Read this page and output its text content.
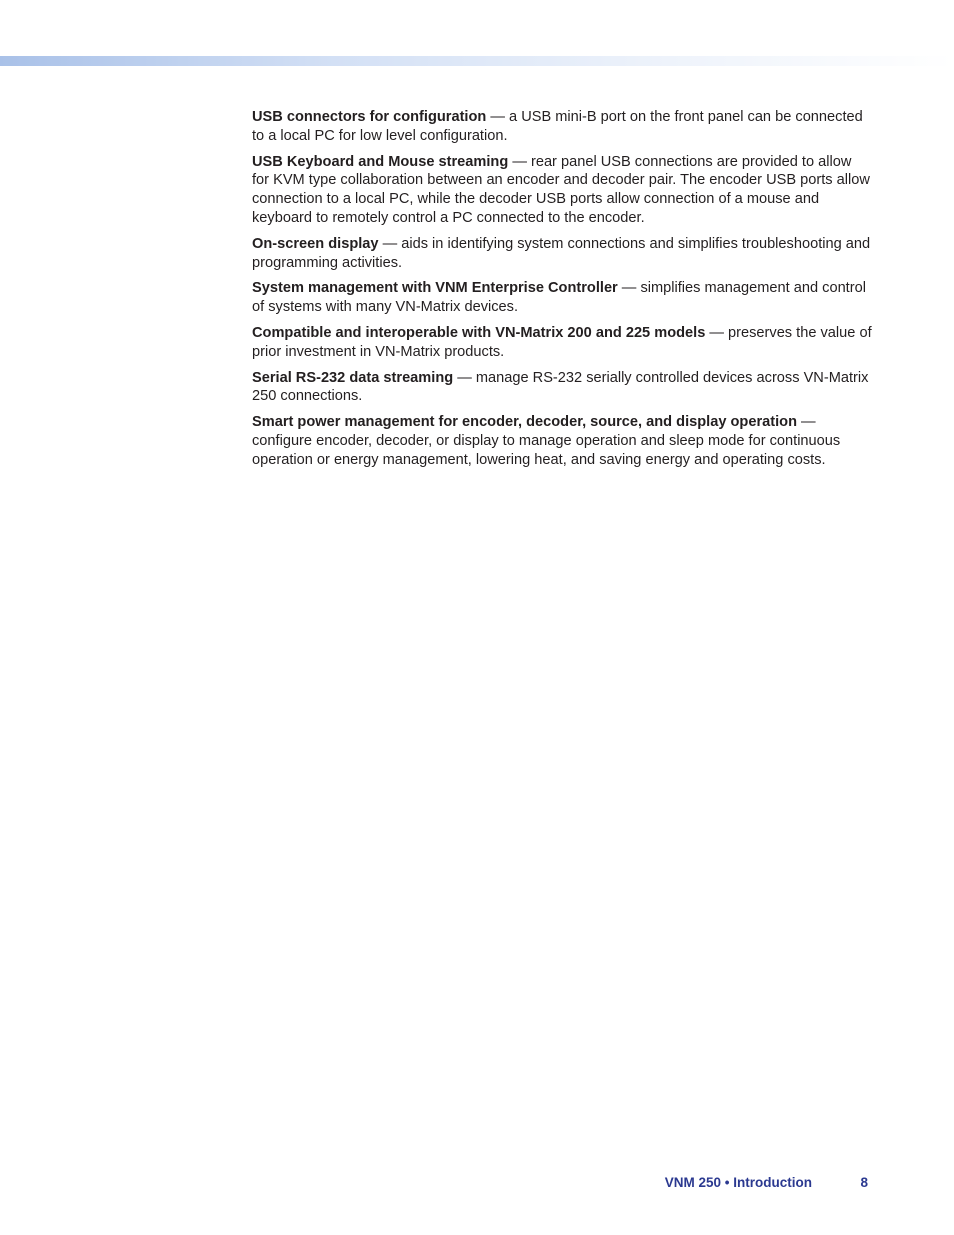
USB connectors for configuration — a USB mini-B port on the front panel can be connected to a local PC for low level configuration.

USB Keyboard and Mouse streaming — rear panel USB connections are provided to allow for KVM type collaboration between an encoder and decoder pair. The encoder USB ports allow connection to a local PC, while the decoder USB ports allow connection of a mouse and keyboard to remotely control a PC connected to the encoder.

On-screen display — aids in identifying system connections and simplifies troubleshooting and programming activities.

System management with VNM Enterprise Controller — simplifies management and control of systems with many VN-Matrix devices.

Compatible and interoperable with VN-Matrix 200 and 225 models — preserves the value of prior investment in VN-Matrix products.

Serial RS-232 data streaming — manage RS-232 serially controlled devices across VN-Matrix 250 connections.

Smart power management for encoder, decoder, source, and display operation — configure encoder, decoder, or display to manage operation and sleep mode for continuous operation or energy management, lowering heat, and saving energy and operating costs.

VNM 250 • Introduction	8
